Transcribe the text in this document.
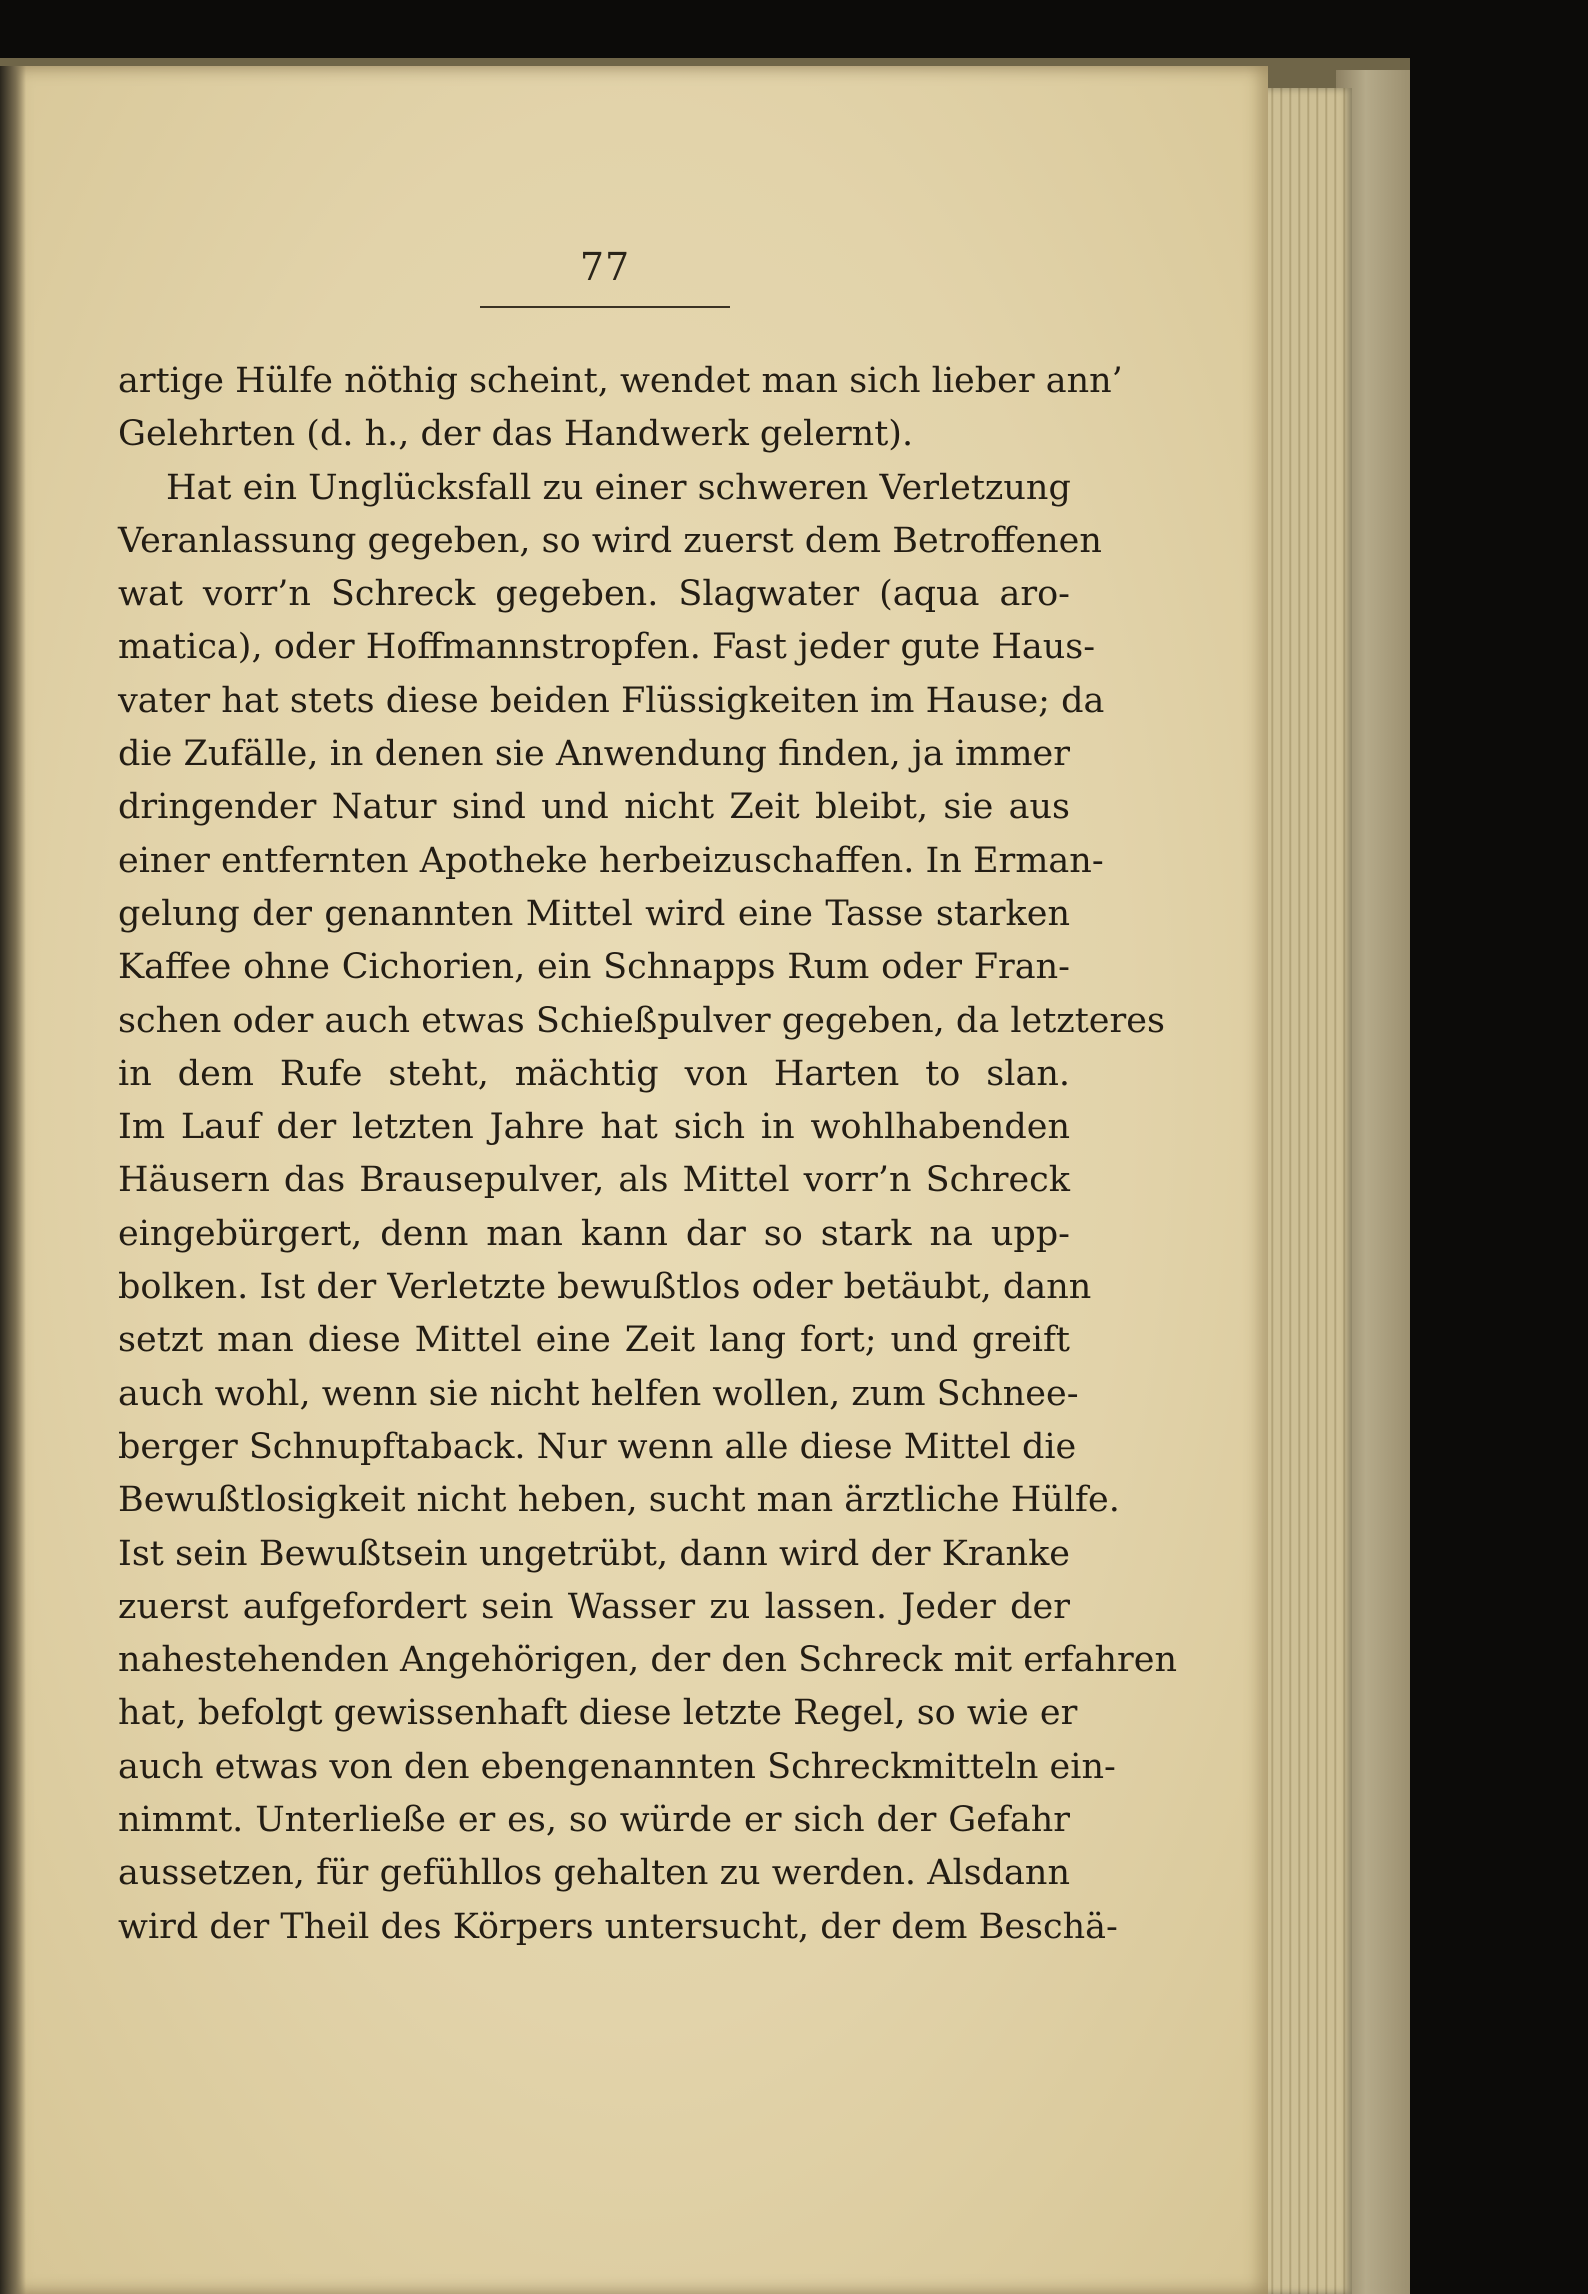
77
artige Hülfe nöthig scheint, wendet man sich lieber ann’
Gelehrten (d. h., der das Handwerk gelernt).
Hat ein Unglücksfall zu einer schweren Verletzung
Veranlassung gegeben, so wird zuerst dem Betroffenen
wat vorr’n Schreck gegeben. Slagwater (aqua aro-
matica), oder Hoffmannstropfen. Fast jeder gute Haus-
vater hat stets diese beiden Flüssigkeiten im Hause; da
die Zufälle, in denen sie Anwendung finden, ja immer
dringender Natur sind und nicht Zeit bleibt, sie aus
einer entfernten Apotheke herbeizuschaffen. In Erman-
gelung der genannten Mittel wird eine Tasse starken
Kaffee ohne Cichorien, ein Schnapps Rum oder Fran-
schen oder auch etwas Schießpulver gegeben, da letzteres
in dem Rufe steht, mächtig von Harten to slan.
Im Lauf der letzten Jahre hat sich in wohlhabenden
Häusern das Brausepulver, als Mittel vorr’n Schreck
eingebürgert, denn man kann dar so stark na upp-
bolken. Ist der Verletzte bewußtlos oder betäubt, dann
setzt man diese Mittel eine Zeit lang fort; und greift
auch wohl, wenn sie nicht helfen wollen, zum Schnee-
berger Schnupftaback. Nur wenn alle diese Mittel die
Bewußtlosigkeit nicht heben, sucht man ärztliche Hülfe.
Ist sein Bewußtsein ungetrübt, dann wird der Kranke
zuerst aufgefordert sein Wasser zu lassen. Jeder der
nahestehenden Angehörigen, der den Schreck mit erfahren
hat, befolgt gewissenhaft diese letzte Regel, so wie er
auch etwas von den ebengenannten Schreckmitteln ein-
nimmt. Unterließe er es, so würde er sich der Gefahr
aussetzen, für gefühllos gehalten zu werden. Alsdann
wird der Theil des Körpers untersucht, der dem Beschä-
